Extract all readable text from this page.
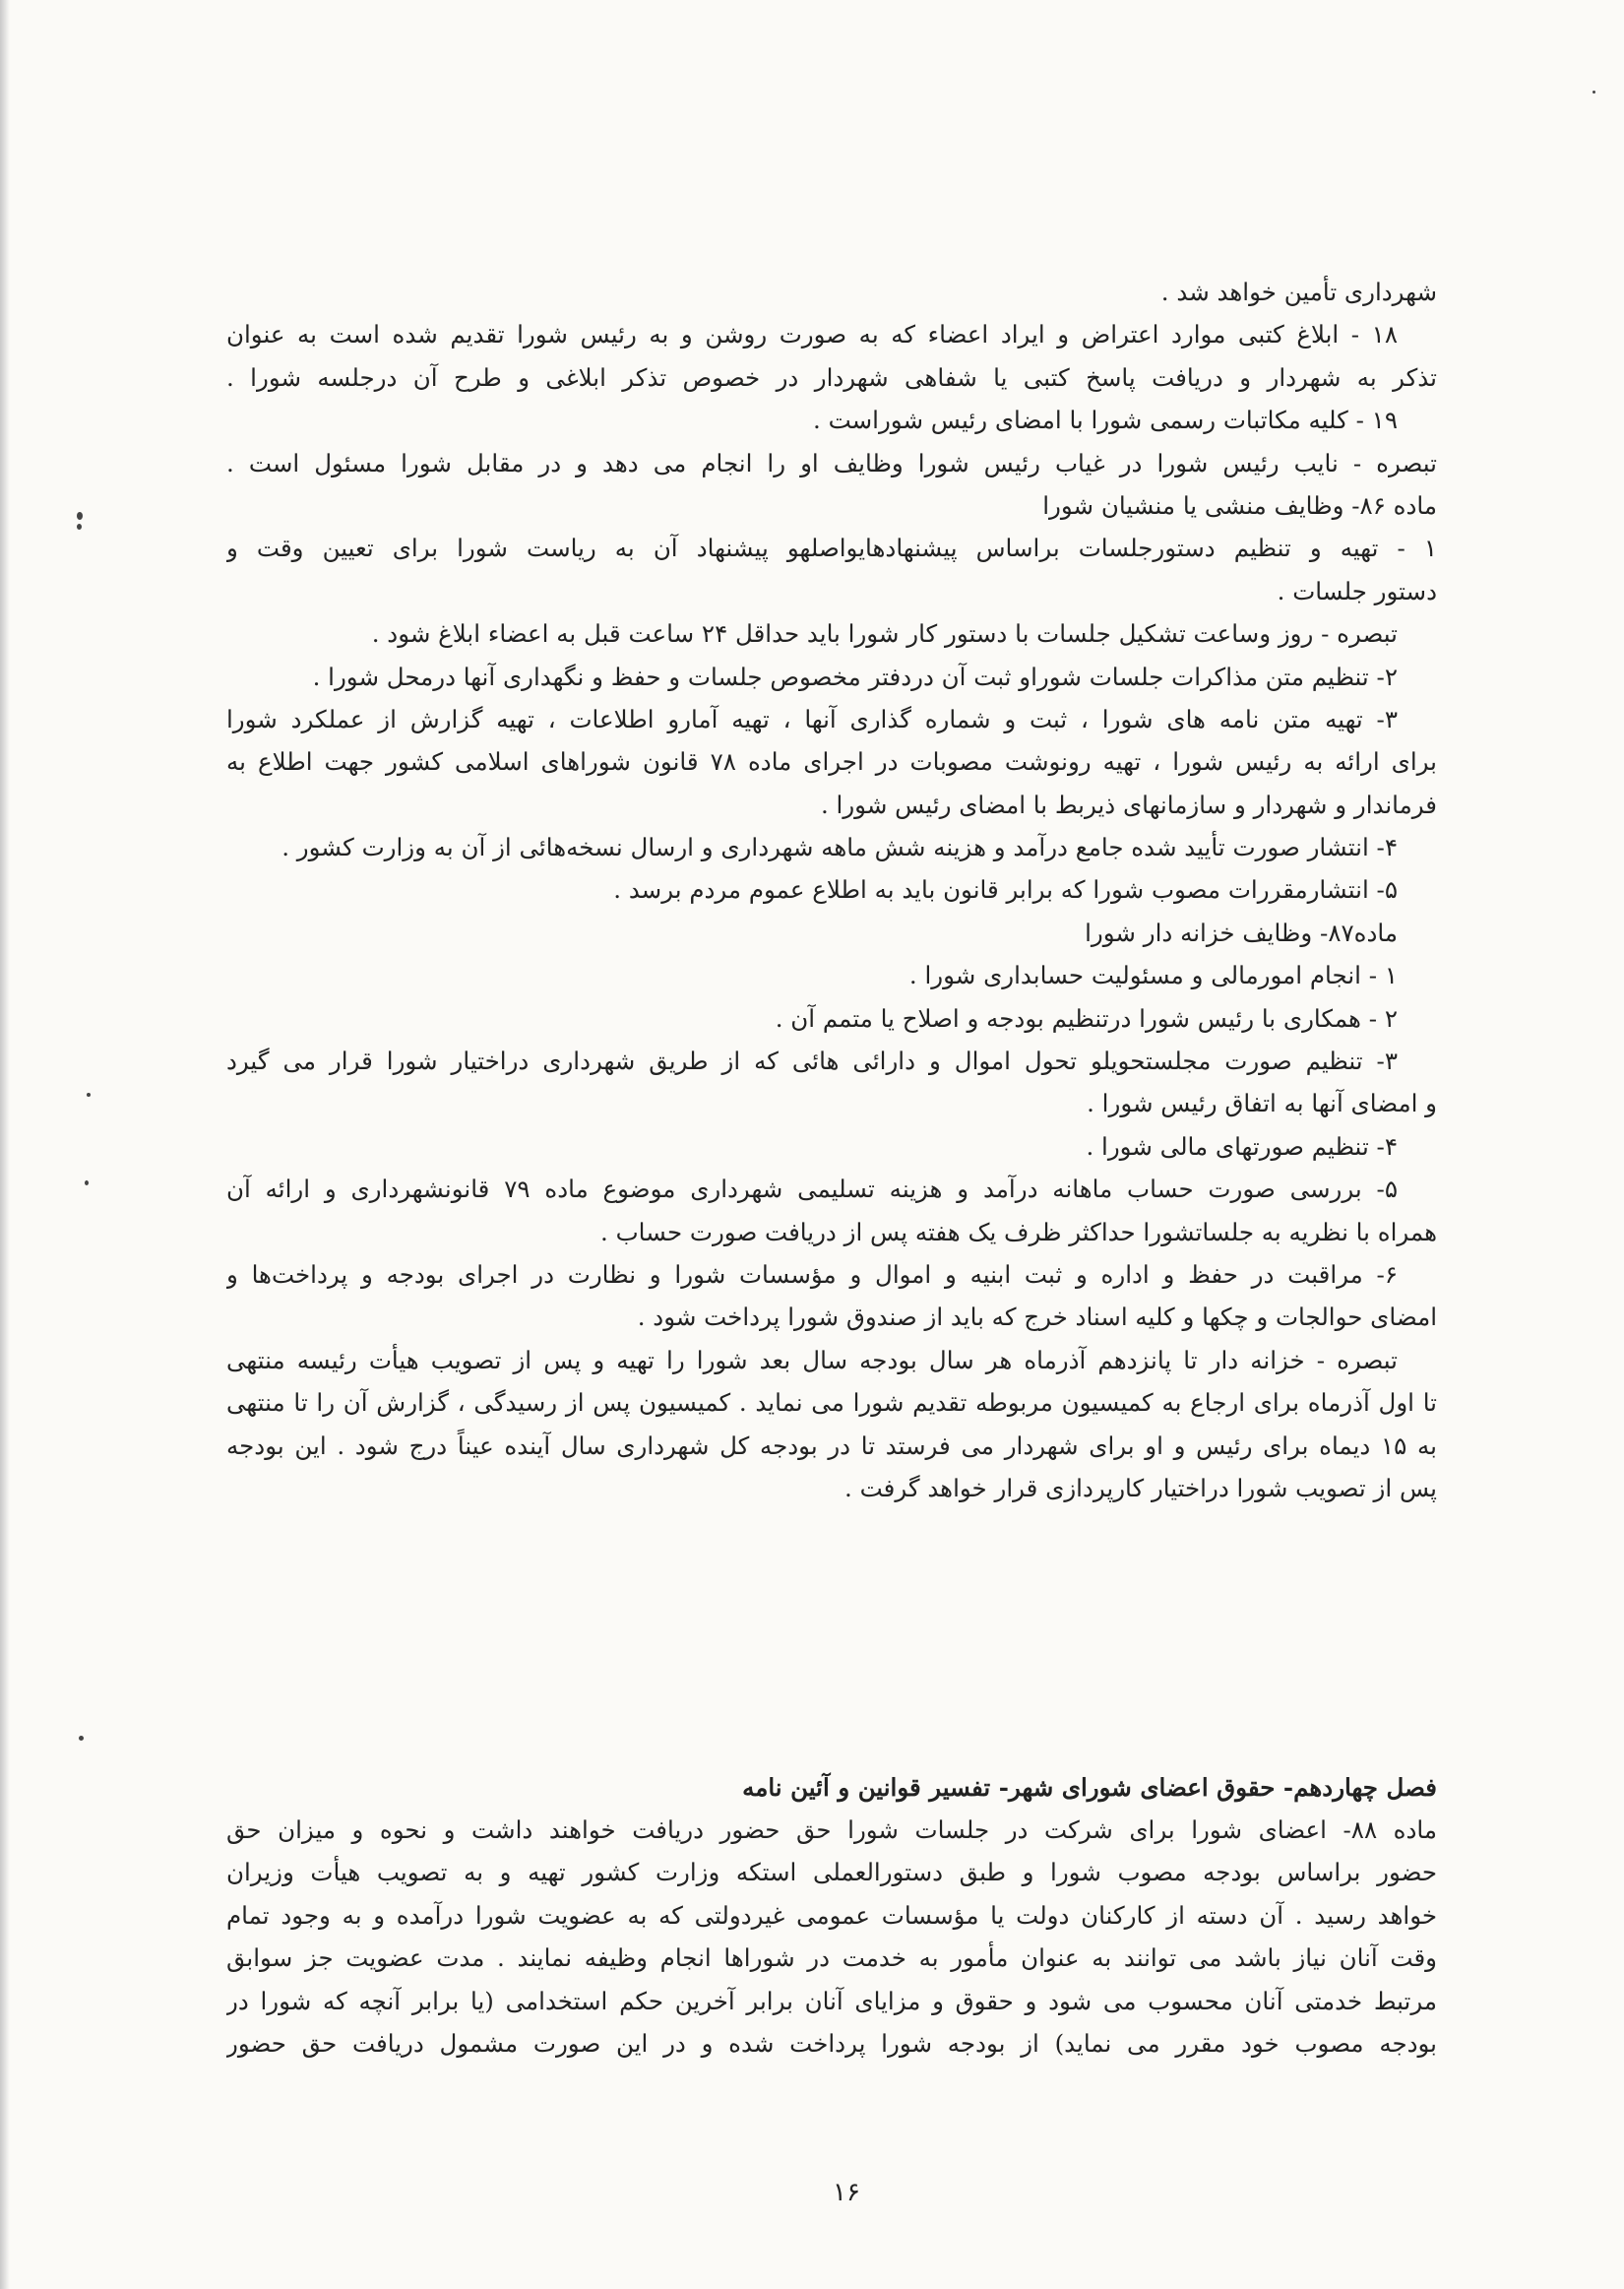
شهرداری تأمین خواهد شد .
۱۸ - ابلاغ کتبی موارد اعتراض و ایراد اعضاء که به صورت روشن و به رئیس شورا تقدیم شده است به عنوان
تذکر به شهردار و دریافت پاسخ کتبی یا شفاهی شهردار در خصوص تذکر ابلاغی و طرح آن درجلسه شورا .
۱۹ - کلیه مکاتبات رسمی شورا با امضای رئیس شوراست .
تبصره - نایب رئیس شورا در غیاب رئیس شورا وظایف او را انجام می دهد و در مقابل شورا مسئول است .
ماده ۸۶- وظایف منشی یا منشیان شورا
۱ - تهیه و تنظیم دستورجلسات براساس پیشنهادهایواصلهو پیشنهاد آن به ریاست شورا برای تعیین وقت و
دستور جلسات .
تبصره - روز وساعت تشکیل جلسات با دستور کار شورا باید حداقل ۲۴ ساعت قبل به اعضاء ابلاغ شود .
۲- تنظیم متن مذاکرات جلسات شوراو ثبت آن دردفتر مخصوص جلسات و حفظ و نگهداری آنها درمحل شورا .
۳- تهیه متن نامه های شورا ، ثبت و شماره گذاری آنها ، تهیه آمارو اطلاعات ، تهیه گزارش از عملکرد شورا
برای ارائه به رئیس شورا ، تهیه رونوشت مصوبات در اجرای ماده ۷۸ قانون شوراهای اسلامی کشور جهت اطلاع به
فرماندار و شهردار و سازمانهای ذیربط با امضای رئیس شورا .
۴- انتشار صورت تأیید شده جامع درآمد و هزینه شش ماهه شهرداری و ارسال نسخه‌هائی از آن به وزارت کشور .
۵- انتشارمقررات مصوب شورا که برابر قانون باید به اطلاع عموم مردم برسد .
ماده۸۷- وظایف خزانه دار شورا
۱ - انجام امورمالی و مسئولیت حسابداری شورا .
۲ - همکاری با رئیس شورا درتنظیم بودجه و اصلاح یا متمم آن .
۳- تنظیم صورت مجلستحویلو تحول اموال و دارائی هائی که از طریق شهرداری دراختیار شورا قرار می گیرد
و امضای آنها به اتفاق رئیس شورا .
۴- تنظیم صورتهای مالی شورا .
۵- بررسی صورت حساب ماهانه درآمد و هزینه تسلیمی شهرداری موضوع ماده ۷۹ قانونشهرداری و ارائه آن
همراه با نظریه به جلساتشورا حداکثر ظرف یک هفته پس از دریافت صورت حساب .
۶- مراقبت در حفظ و اداره و ثبت ابنیه و اموال و مؤسسات شورا و نظارت در اجرای بودجه و پرداخت‌ها و
امضای حوالجات و چکها و کلیه اسناد خرج که باید از صندوق شورا پرداخت شود .
تبصره - خزانه دار تا پانزدهم آذرماه هر سال بودجه سال بعد شورا را تهیه و پس از تصویب هیأت رئیسه منتهی
تا اول آذرماه برای ارجاع به کمیسیون مربوطه تقدیم شورا می نماید . کمیسیون پس از رسیدگی ، گزارش آن را تا منتهی
به ۱۵ دیماه برای رئیس و او برای شهردار می فرستد تا در بودجه کل شهرداری سال آینده عیناً درج شود . این بودجه
پس از تصویب شورا دراختیار کارپردازی قرار خواهد گرفت .
فصل چهاردهم- حقوق اعضای شورای شهر- تفسیر قوانین و آئین نامه
ماده ۸۸- اعضای شورا برای شرکت در جلسات شورا حق حضور دریافت خواهند داشت و نحوه و میزان حق
حضور براساس بودجه مصوب شورا و طبق دستورالعملی استکه وزارت کشور تهیه و به تصویب هیأت وزیران
خواهد رسید . آن دسته از کارکنان دولت یا مؤسسات عمومی غیردولتی که به عضویت شورا درآمده و به وجود تمام
وقت آنان نیاز باشد می توانند به عنوان مأمور به خدمت در شوراها انجام وظیفه نمایند . مدت عضویت جز سوابق
مرتبط خدمتی آنان محسوب می شود و حقوق و مزایای آنان برابر آخرین حکم استخدامی (یا برابر آنچه که شورا در
بودجه مصوب خود مقرر می نماید) از بودجه شورا پرداخت شده و در این صورت مشمول دریافت حق حضور
۱۶
